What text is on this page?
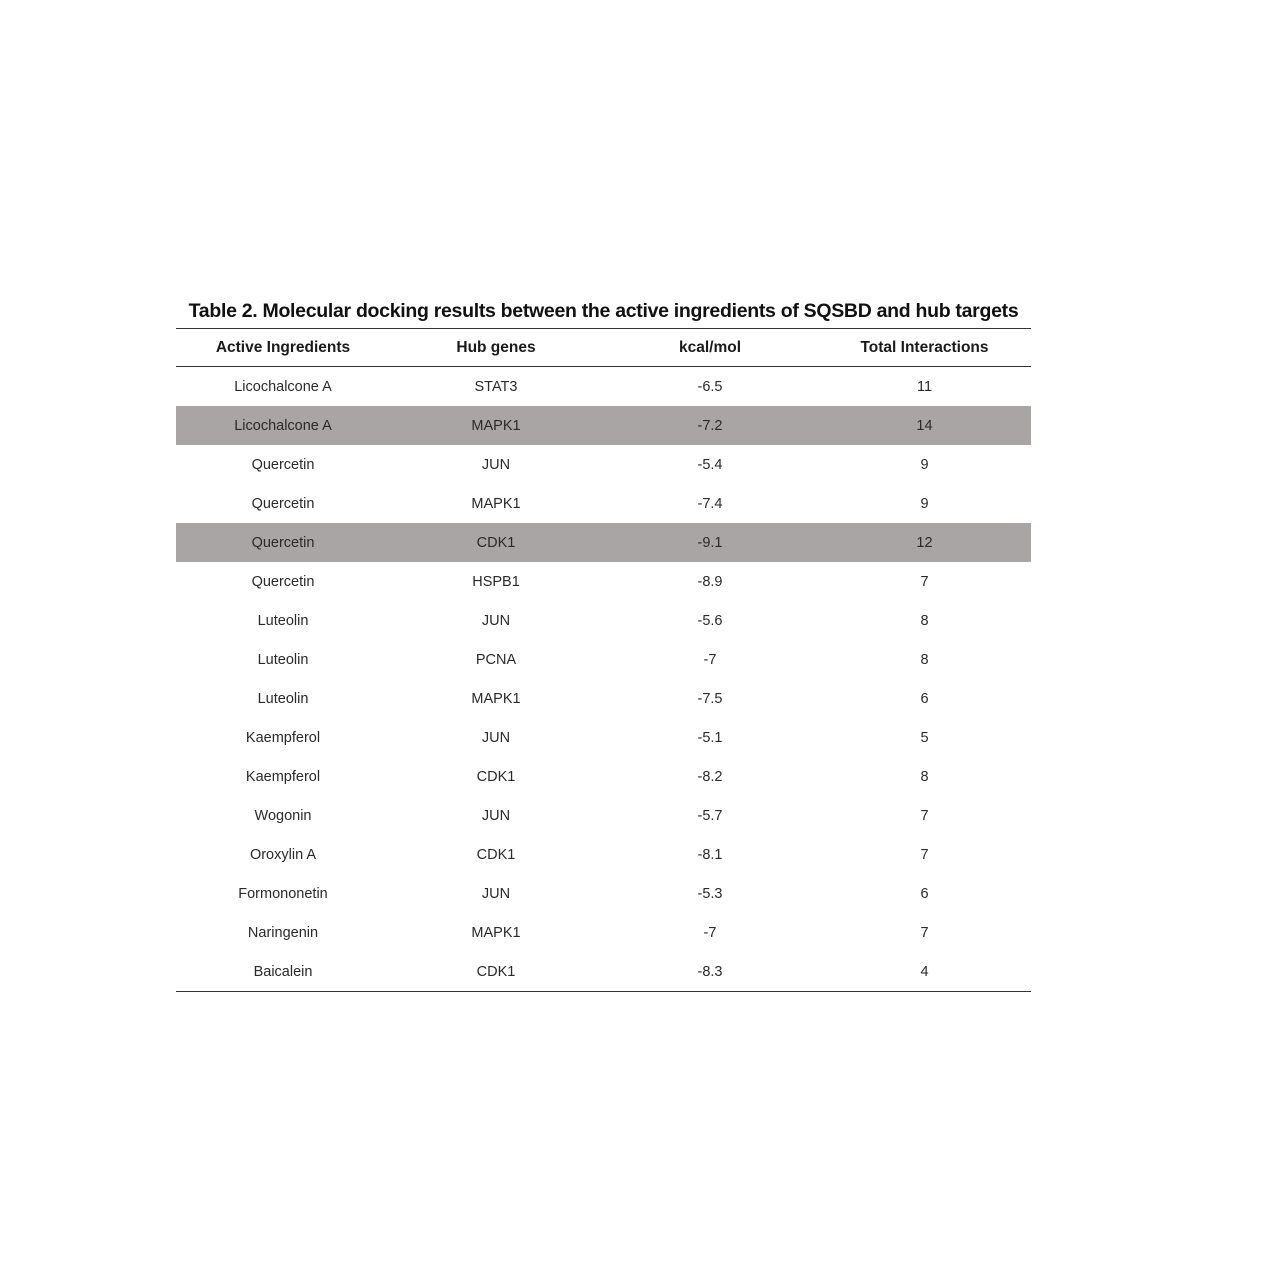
Table 2. Molecular docking results between the active ingredients of SQSBD and hub targets
Active Ingredients	Hub genes	kcal/mol	Total Interactions
Licochalcone A	STAT3	-6.5	11
Licochalcone A	MAPK1	-7.2	14
Quercetin	JUN	-5.4	9
Quercetin	MAPK1	-7.4	9
Quercetin	CDK1	-9.1	12
Quercetin	HSPB1	-8.9	7
Luteolin	JUN	-5.6	8
Luteolin	PCNA	-7	8
Luteolin	MAPK1	-7.5	6
Kaempferol	JUN	-5.1	5
Kaempferol	CDK1	-8.2	8
Wogonin	JUN	-5.7	7
Oroxylin A	CDK1	-8.1	7
Formononetin	JUN	-5.3	6
Naringenin	MAPK1	-7	7
Baicalein	CDK1	-8.3	4
